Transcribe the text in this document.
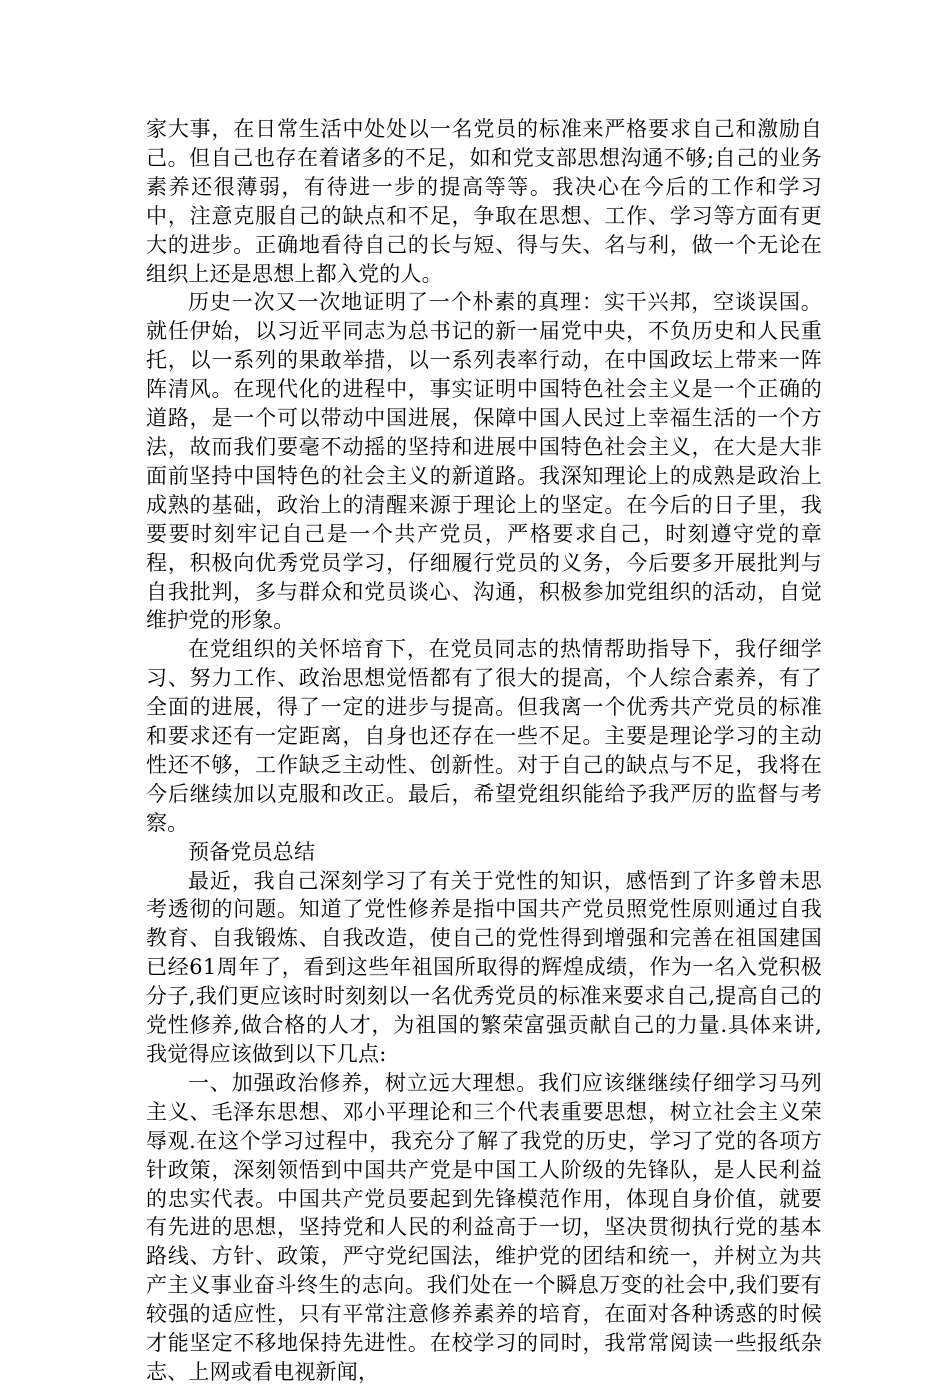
家大事，在日常生活中处处以一名党员的标准来严格要求自己和激励自己。但自己也存在着诸多的不足，如和党支部思想沟通不够;自己的业务素养还很薄弱，有待进一步的提高等等。我决心在今后的工作和学习中，注意克服自己的缺点和不足，争取在思想、工作、学习等方面有更大的进步。正确地看待自己的长与短、得与失、名与利，做一个无论在组织上还是思想上都入党的人。

历史一次又一次地证明了一个朴素的真理：实干兴邦，空谈误国。就任伊始，以习近平同志为总书记的新一届党中央，不负历史和人民重托，以一系列的果敢举措，以一系列表率行动，在中国政坛上带来一阵阵清风。在现代化的进程中，事实证明中国特色社会主义是一个正确的道路，是一个可以带动中国进展，保障中国人民过上幸福生活的一个方法，故而我们要毫不动摇的坚持和进展中国特色社会主义，在大是大非面前坚持中国特色的社会主义的新道路。我深知理论上的成熟是政治上成熟的基础，政治上的清醒来源于理论上的坚定。在今后的日子里，我要要时刻牢记自己是一个共产党员，严格要求自己，时刻遵守党的章程，积极向优秀党员学习，仔细履行党员的义务，今后要多开展批判与自我批判，多与群众和党员谈心、沟通，积极参加党组织的活动，自觉维护党的形象。

在党组织的关怀培育下，在党员同志的热情帮助指导下，我仔细学习、努力工作、政治思想觉悟都有了很大的提高，个人综合素养，有了全面的进展，得了一定的进步与提高。但我离一个优秀共产党员的标准和要求还有一定距离，自身也还存在一些不足。主要是理论学习的主动性还不够，工作缺乏主动性、创新性。对于自己的缺点与不足，我将在今后继续加以克服和改正。最后，希望党组织能给予我严厉的监督与考察。

预备党员总结

最近，我自己深刻学习了有关于党性的知识，感悟到了许多曾未思考透彻的问题。知道了党性修养是指中国共产党员照党性原则通过自我教育、自我锻炼、自我改造，使自己的党性得到增强和完善在祖国建国已经61周年了，看到这些年祖国所取得的辉煌成绩，作为一名入党积极分子,我们更应该时时刻刻以一名优秀党员的标准来要求自己,提高自己的党性修养,做合格的人才，为祖国的繁荣富强贡献自己的力量.具体来讲,我觉得应该做到以下几点:

一、加强政治修养，树立远大理想。我们应该继继续仔细学习马列主义、毛泽东思想、邓小平理论和三个代表重要思想，树立社会主义荣辱观.在这个学习过程中，我充分了解了我党的历史，学习了党的各项方针政策，深刻领悟到中国共产党是中国工人阶级的先锋队，是人民利益的忠实代表。中国共产党员要起到先锋模范作用，体现自身价值，就要有先进的思想，坚持党和人民的利益高于一切，坚决贯彻执行党的基本路线、方针、政策，严守党纪国法，维护党的团结和统一，并树立为共产主义事业奋斗终生的志向。我们处在一个瞬息万变的社会中,我们要有较强的适应性，只有平常注意修养素养的培育，在面对各种诱惑的时候才能坚定不移地保持先进性。在校学习的同时，我常常阅读一些报纸杂志、上网或看电视新闻，
